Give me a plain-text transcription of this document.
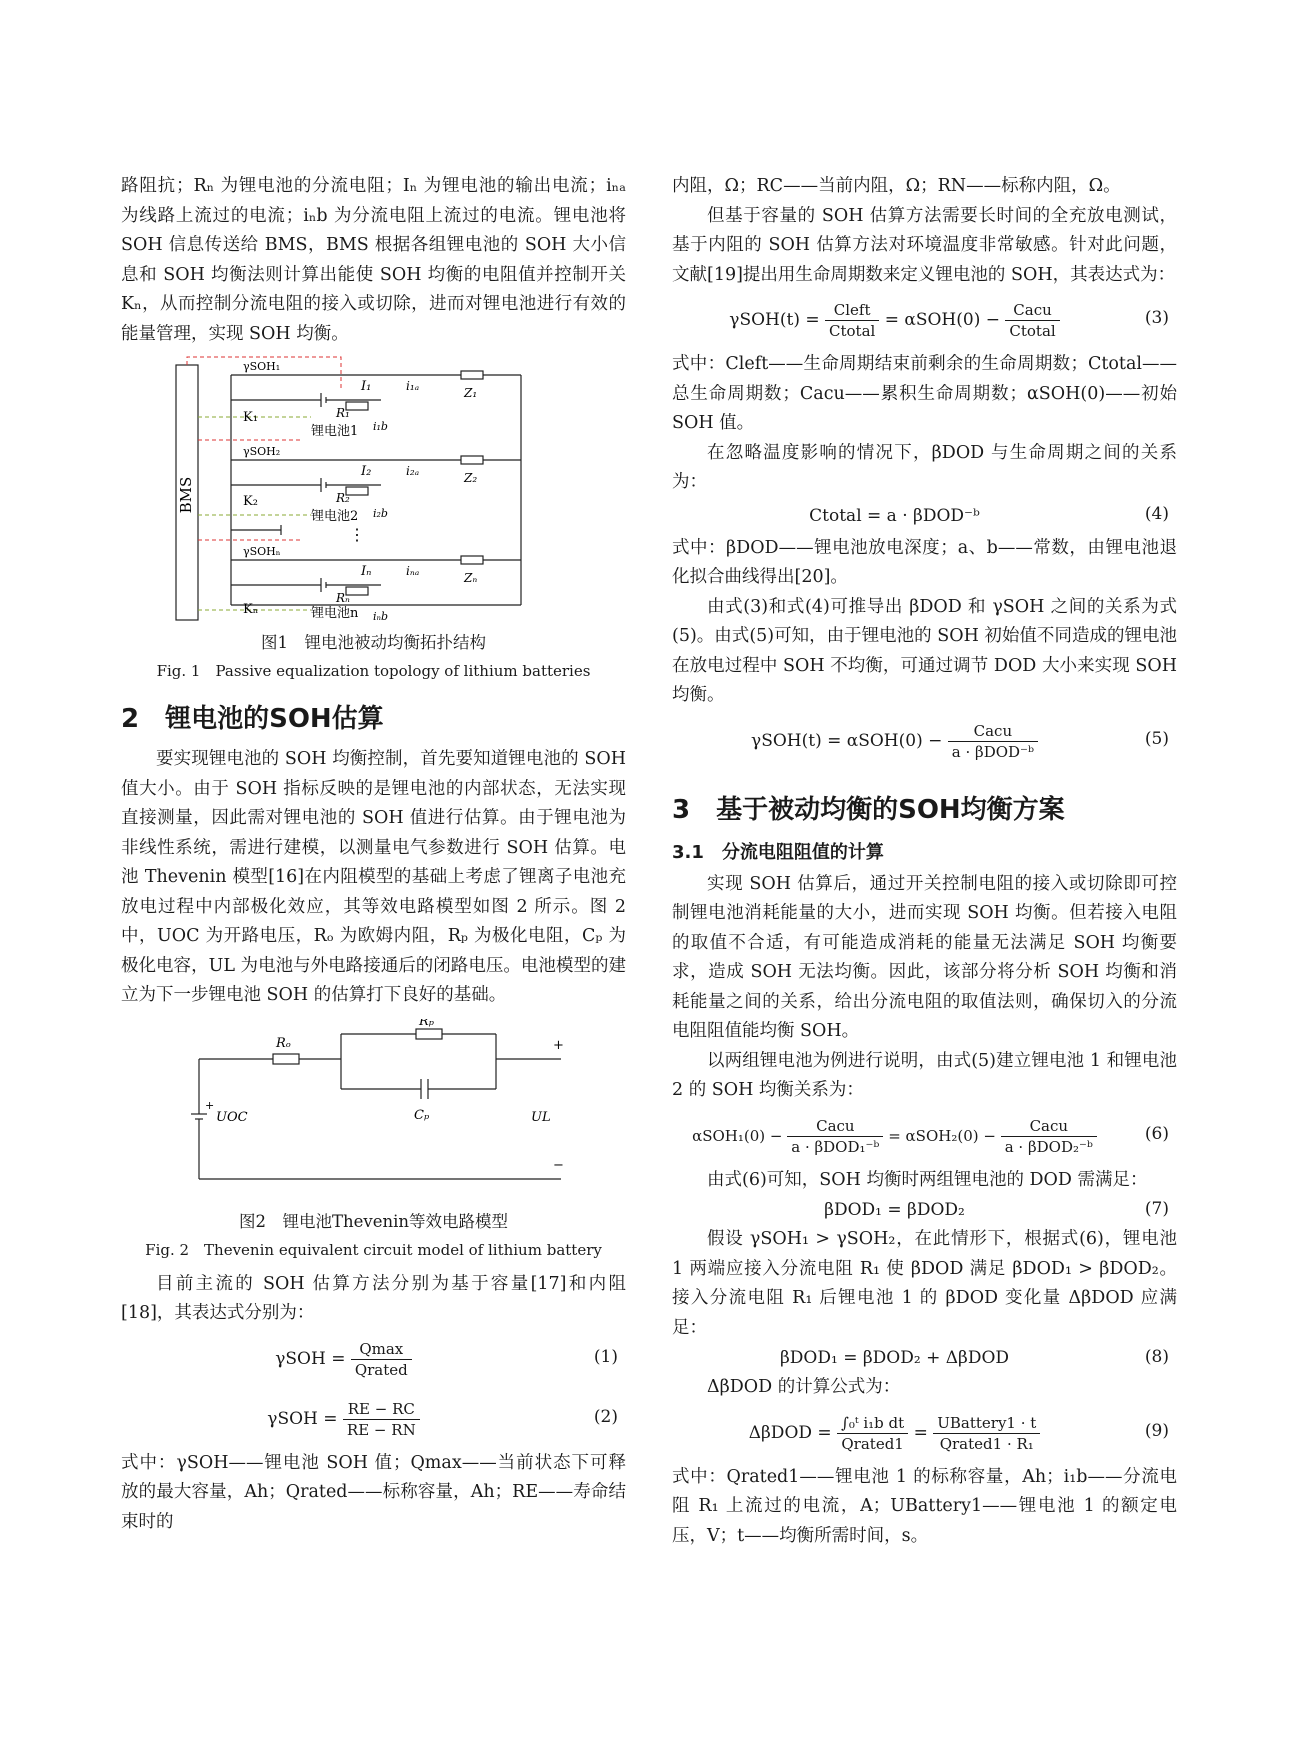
路阻抗；Rₙ 为锂电池的分流电阻；Iₙ 为锂电池的输出电流；iₙₐ 为线路上流过的电流；iₙb 为分流电阻上流过的电流。锂电池将 SOH 信息传送给 BMS，BMS 根据各组锂电池的 SOH 大小信息和 SOH 均衡法则计算出能使 SOH 均衡的电阻值并控制开关 Kₙ，从而控制分流电阻的接入或切除，进而对锂电池进行有效的能量管理，实现 SOH 均衡。

BMS
γSOH₁
K₁
I₁
R₁
i₁ₐ
i₁b
Z₁
锂电池1
γSOH₂
K₂
I₂
R₂
i₂ₐ
i₂b
Z₂
锂电池2
⋮
γSOHₙ
Kₙ
Iₙ
Rₙ
iₙₐ
iₙb
Zₙ
锂电池n

图1　锂电池被动均衡拓扑结构

Fig. 1　Passive equalization topology of lithium batteries

2　锂电池的SOH估算

要实现锂电池的 SOH 均衡控制，首先要知道锂电池的 SOH 值大小。由于 SOH 指标反映的是锂电池的内部状态，无法实现直接测量，因此需对锂电池的 SOH 值进行估算。由于锂电池为非线性系统，需进行建模，以测量电气参数进行 SOH 估算。电池 Thevenin 模型[16]在内阻模型的基础上考虑了锂离子电池充放电过程中内部极化效应，其等效电路模型如图 2 所示。图 2 中，UOC 为开路电压，Rₒ 为欧姆内阻，Rₚ 为极化电阻，Cₚ 为极化电容，UL 为电池与外电路接通后的闭路电压。电池模型的建立为下一步锂电池 SOH 的估算打下良好的基础。

Rₒ
Rₚ
Cₚ
UOC	UL
+
−
+

图2　锂电池Thevenin等效电路模型

Fig. 2　Thevenin equivalent circuit model of lithium battery

目前主流的 SOH 估算方法分别为基于容量[17]和内阻[18]，其表达式分别为：

$\gamma SOH = \frac{Qmax}{\text{Qrated}}$	(1)
$\gamma SOH = \frac{RE - RC}{RE - RN}$	(2)

式中：γSOH——锂电池 SOH 值；Qmax——当前状态下可释放的最大容量，Ah；Qrated——标称容量，Ah；RE——寿命结束时的

内阻，Ω；RC——当前内阻，Ω；RN——标称内阻，Ω。

但基于容量的 SOH 估算方法需要长时间的全充放电测试，基于内阻的 SOH 估算方法对环境温度非常敏感。针对此问题，文献[19]提出用生命周期数来定义锂电池的 SOH，其表达式为：

$\gamma SOH(t) = \frac{\text{Cleft}}{\text{Ctotal}} = \alpha SOH(0) - \frac{\text{Cacu}}{\text{Ctotal}}$	(3)

式中：Cleft——生命周期结束前剩余的生命周期数；Ctotal——总生命周期数；Cacu——累积生命周期数；αSOH(0)——初始 SOH 值。

在忽略温度影响的情况下，βDOD 与生命周期之间的关系为：

Ctotal = a · βDOD⁻ᵇ	(4)

式中：βDOD——锂电池放电深度；a、b——常数，由锂电池退化拟合曲线得出[20]。

由式(3)和式(4)可推导出 βDOD 和 γSOH 之间的关系为式(5)。由式(5)可知，由于锂电池的 SOH 初始值不同造成的锂电池在放电过程中 SOH 不均衡，可通过调节 DOD 大小来实现 SOH 均衡。

$\gamma SOH(t) = \alpha SOH(0) - \frac{\text{Cacu}}{\text{a · βDOD⁻ᵇ}}$	(5)
3　基于被动均衡的SOH均衡方案
3.1　分流电阻阻值的计算

实现 SOH 估算后，通过开关控制电阻的接入或切除即可控制锂电池消耗能量的大小，进而实现 SOH 均衡。但若接入电阻的取值不合适，有可能造成消耗的能量无法满足 SOH 均衡要求，造成 SOH 无法均衡。因此，该部分将分析 SOH 均衡和消耗能量之间的关系，给出分流电阻的取值法则，确保切入的分流电阻阻值能均衡 SOH。

以两组锂电池为例进行说明，由式(5)建立锂电池 1 和锂电池 2 的 SOH 均衡关系为：

$\alpha SOH_1(0) - \frac{\text{Cacu}}{\text{a · βDOD₁⁻ᵇ}} = \alpha SOH_2(0) - \frac{\text{Cacu}}{\text{a · βDOD₂⁻ᵇ}}$	(6)

由式(6)可知，SOH 均衡时两组锂电池的 DOD 需满足：

βDOD₁ = βDOD₂	(7)

假设 γSOH₁ > γSOH₂，在此情形下，根据式(6)，锂电池 1 两端应接入分流电阻 R₁ 使 βDOD 满足 βDOD₁ > βDOD₂。接入分流电阻 R₁ 后锂电池 1 的 βDOD 变化量 ΔβDOD 应满足：

βDOD₁ = βDOD₂ + ΔβDOD	(8)

ΔβDOD 的计算公式为：

$\Delta\beta DOD = \frac{\text{∫₀ᵗ i₁b dt}}{\text{Qrated1}} = \frac{\text{UBattery1 · t}}{\text{Qrated1 · R₁}}$	(9)

式中：Qrated1——锂电池 1 的标称容量，Ah；i₁b——分流电阻 R₁ 上流过的电流，A；UBattery1——锂电池 1 的额定电压，V；t——均衡所需时间，s。
